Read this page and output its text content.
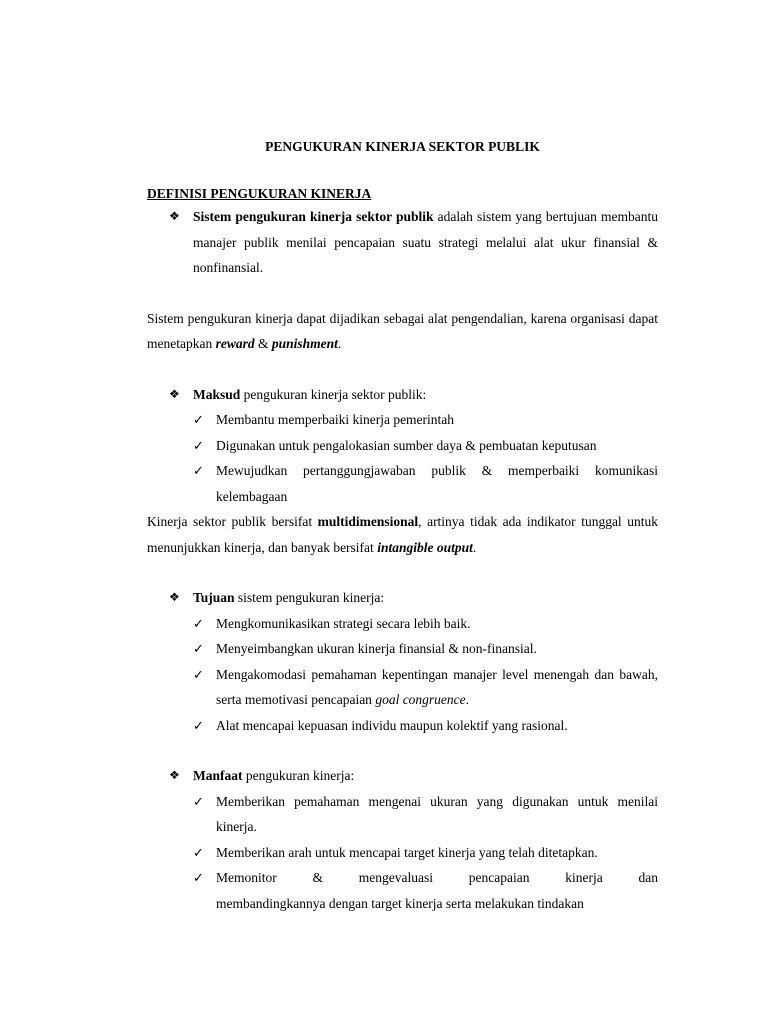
PENGUKURAN KINERJA SEKTOR PUBLIK

DEFINISI PENGUKURAN KINERJA

❖ Sistem pengukuran kinerja sektor publik adalah sistem yang bertujuan membantu manajer publik menilai pencapaian suatu strategi melalui alat ukur finansial & nonfinansial.

Sistem pengukuran kinerja dapat dijadikan sebagai alat pengendalian, karena organisasi dapat menetapkan reward & punishment.

❖ Maksud pengukuran kinerja sektor publik:
✓ Membantu memperbaiki kinerja pemerintah
✓ Digunakan untuk pengalokasian sumber daya & pembuatan keputusan
✓ Mewujudkan pertanggungjawaban publik & memperbaiki komunikasi kelembagaan

Kinerja sektor publik bersifat multidimensional, artinya tidak ada indikator tunggal untuk menunjukkan kinerja, dan banyak bersifat intangible output.

❖ Tujuan sistem pengukuran kinerja:
✓ Mengkomunikasikan strategi secara lebih baik.
✓ Menyeimbangkan ukuran kinerja finansial & non-finansial.
✓ Mengakomodasi pemahaman kepentingan manajer level menengah dan bawah, serta memotivasi pencapaian goal congruence.
✓ Alat mencapai kepuasan individu maupun kolektif yang rasional.
❖ Manfaat pengukuran kinerja:
✓ Memberikan pemahaman mengenai ukuran yang digunakan untuk menilai kinerja.
✓ Memberikan arah untuk mencapai target kinerja yang telah ditetapkan.
✓ Memonitor	&	mengevaluasi	pencapaian	kinerja	dan
membandingkannya dengan target kinerja serta melakukan tindakan
